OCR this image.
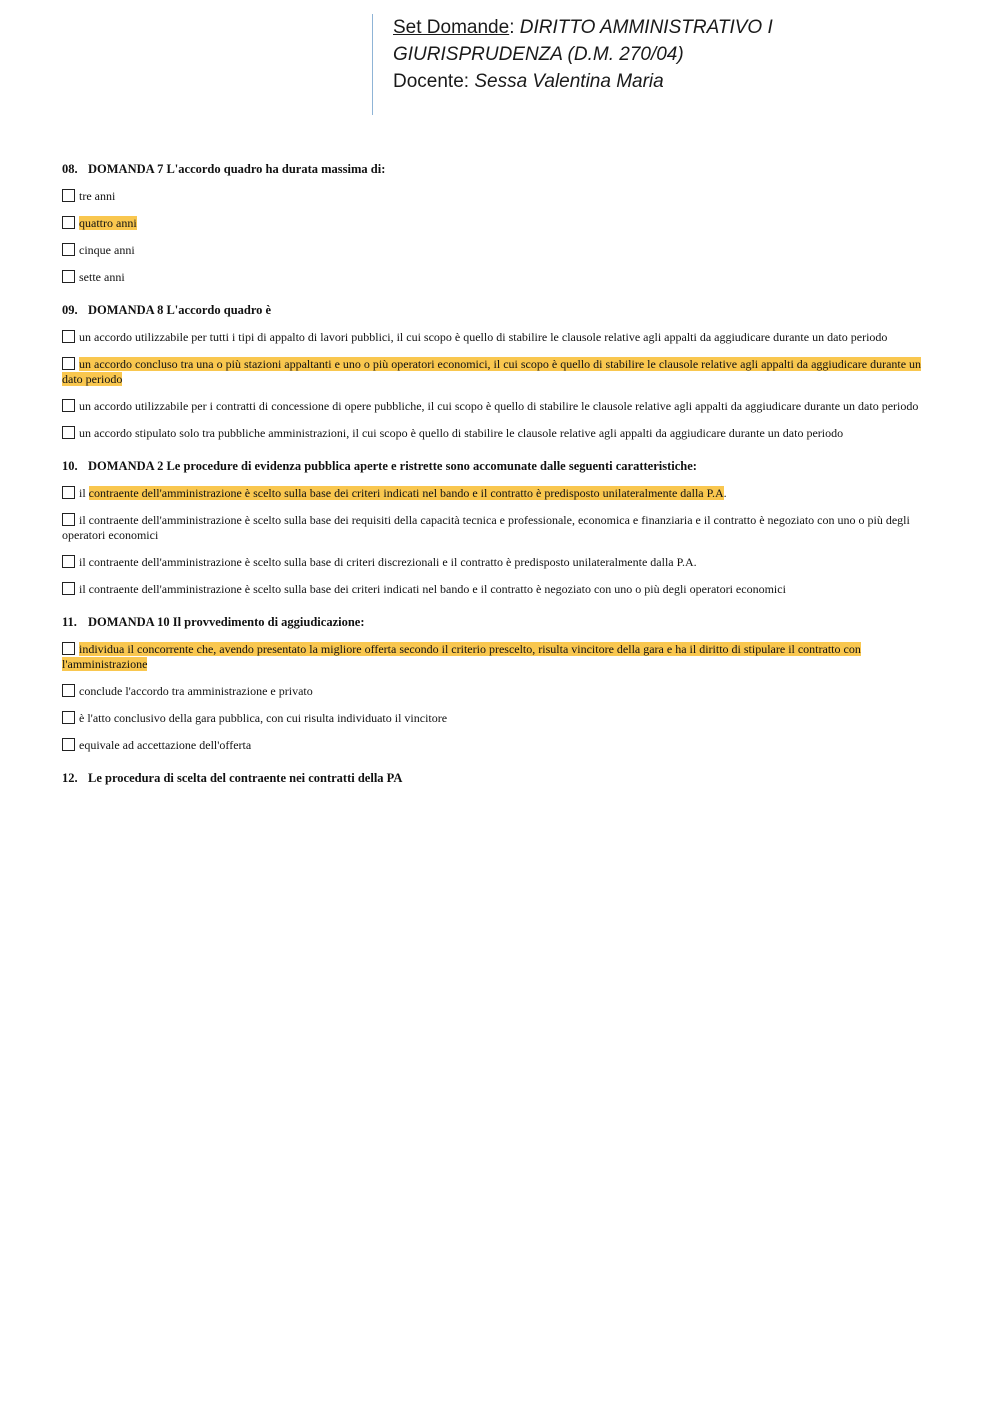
Set Domande: DIRITTO AMMINISTRATIVO I
GIURISPRUDENZA (D.M. 270/04)
Docente: Sessa Valentina Maria
08. DOMANDA 7 L'accordo quadro ha durata massima di:
tre anni
quattro anni
cinque anni
sette anni
09. DOMANDA 8 L'accordo quadro è
un accordo utilizzabile per tutti i tipi di appalto di lavori pubblici, il cui scopo è quello di stabilire le clausole relative agli appalti da aggiudicare durante un dato periodo
un accordo concluso tra una o più stazioni appaltanti e uno o più operatori economici, il cui scopo è quello di stabilire le clausole relative agli appalti da aggiudicare durante un dato periodo
un accordo utilizzabile per i contratti di concessione di opere pubbliche, il cui scopo è quello di stabilire le clausole relative agli appalti da aggiudicare durante un dato periodo
un accordo stipulato solo tra pubbliche amministrazioni, il cui scopo è quello di stabilire le clausole relative agli appalti da aggiudicare durante un dato periodo
10. DOMANDA 2 Le procedure di evidenza pubblica aperte e ristrette sono accomunate dalle seguenti caratteristiche:
il contraente dell'amministrazione è scelto sulla base dei criteri indicati nel bando e il contratto è predisposto unilateralmente dalla P.A.
il contraente dell'amministrazione è scelto sulla base dei requisiti della capacità tecnica e professionale, economica e finanziaria e il contratto è negoziato con uno o più degli operatori economici
il contraente dell'amministrazione è scelto sulla base di criteri discrezionali e il contratto è predisposto unilateralmente dalla P.A.
il contraente dell'amministrazione è scelto sulla base dei criteri indicati nel bando e il contratto è negoziato con uno o più degli operatori economici
11. DOMANDA 10 Il provvedimento di aggiudicazione:
individua il concorrente che, avendo presentato la migliore offerta secondo il criterio prescelto, risulta vincitore della gara e ha il diritto di stipulare il contratto con l'amministrazione
conclude l'accordo tra amministrazione e privato
è l'atto conclusivo della gara pubblica, con cui risulta individuato il vincitore
equivale ad accettazione dell'offerta
12. Le procedura di scelta del contraente nei contratti della PA
